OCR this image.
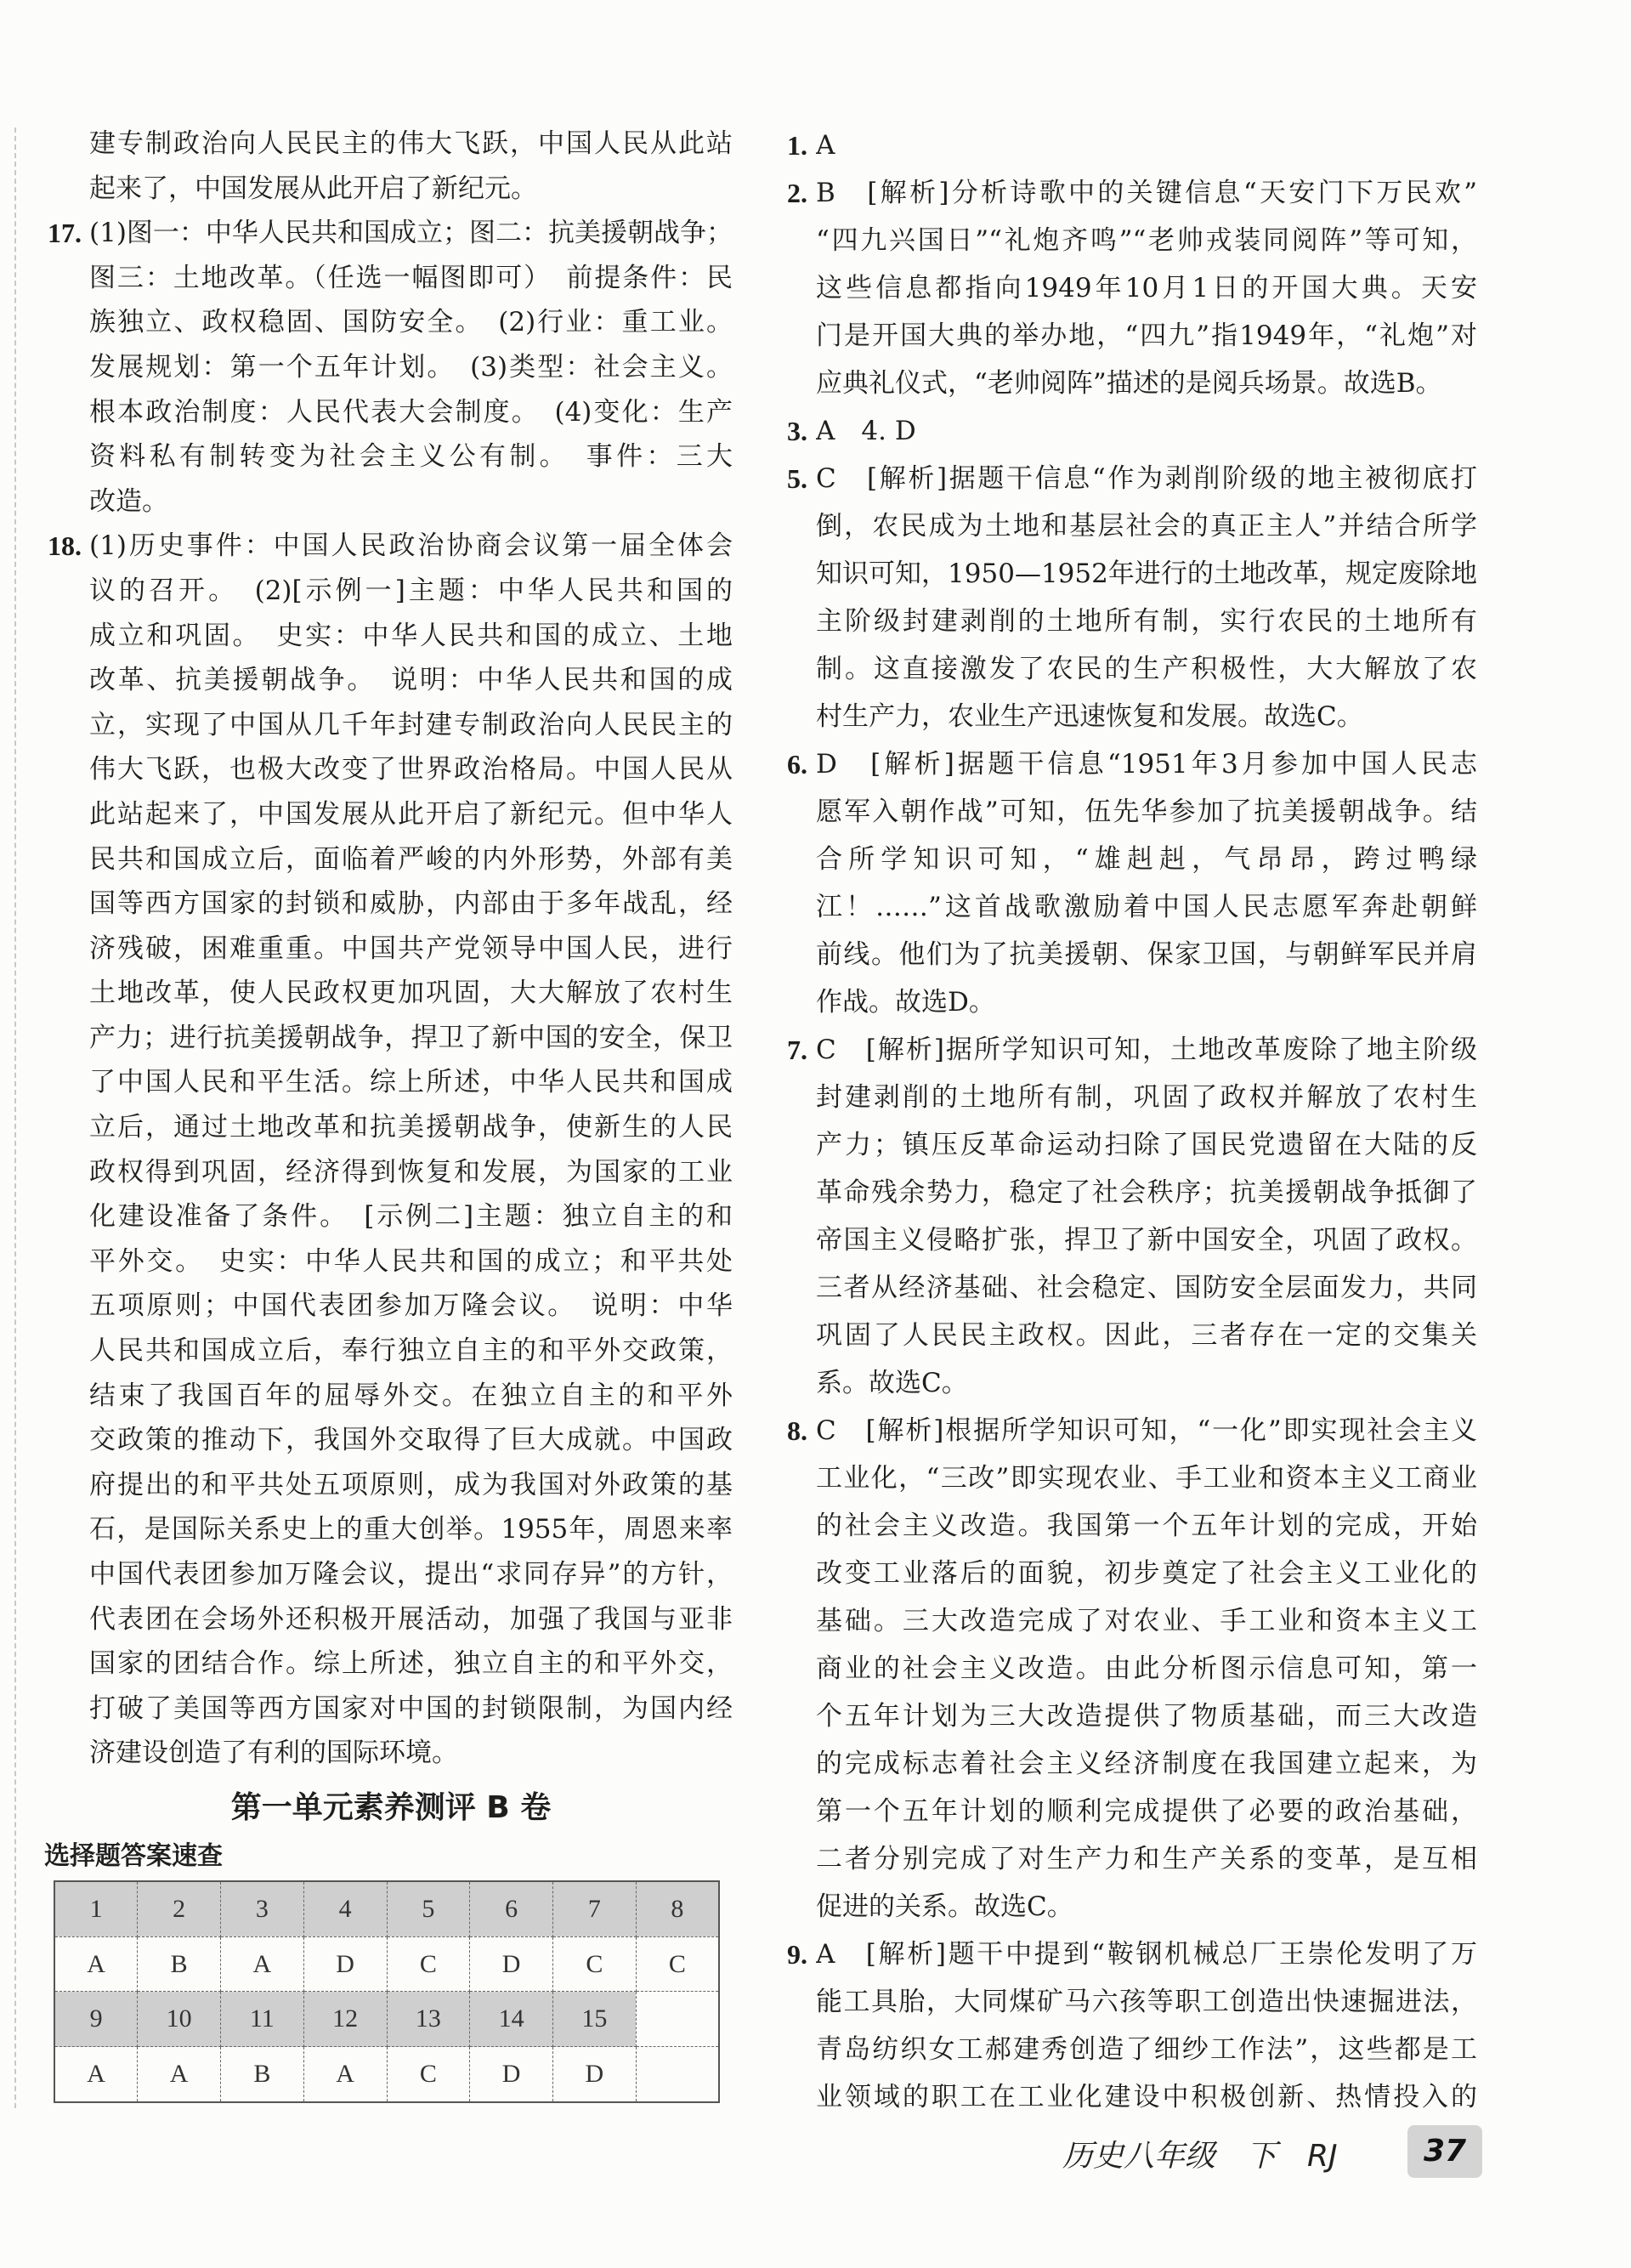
建专制政治向人民民主的伟大飞跃，中国人民从此站
起来了，中国发展从此开启了新纪元。
17. (1)图一：中华人民共和国成立；图二：抗美援朝战争；
图三：土地改革。（任选一幅图即可）　前提条件：民
族独立、政权稳固、国防安全。　(2)行业：重工业。
发展规划：第一个五年计划。　(3)类型：社会主义。
根本政治制度：人民代表大会制度。　(4)变化：生产
资料私有制转变为社会主义公有制。　事件：三大
改造。
18. (1)历史事件：中国人民政治协商会议第一届全体会
议的召开。　(2)[示例一]主题：中华人民共和国的
成立和巩固。　史实：中华人民共和国的成立、土地
改革、抗美援朝战争。　说明：中华人民共和国的成
立，实现了中国从几千年封建专制政治向人民民主的
伟大飞跃，也极大改变了世界政治格局。中国人民从
此站起来了，中国发展从此开启了新纪元。但中华人
民共和国成立后，面临着严峻的内外形势，外部有美
国等西方国家的封锁和威胁，内部由于多年战乱，经
济残破，困难重重。中国共产党领导中国人民，进行
土地改革，使人民政权更加巩固，大大解放了农村生
产力；进行抗美援朝战争，捍卫了新中国的安全，保卫
了中国人民和平生活。综上所述，中华人民共和国成
立后，通过土地改革和抗美援朝战争，使新生的人民
政权得到巩固，经济得到恢复和发展，为国家的工业
化建设准备了条件。　[示例二]主题：独立自主的和
平外交。　史实：中华人民共和国的成立；和平共处
五项原则；中国代表团参加万隆会议。　说明：中华
人民共和国成立后，奉行独立自主的和平外交政策，
结束了我国百年的屈辱外交。在独立自主的和平外
交政策的推动下，我国外交取得了巨大成就。中国政
府提出的和平共处五项原则，成为我国对外政策的基
石，是国际关系史上的重大创举。1955年，周恩来率
中国代表团参加万隆会议，提出“求同存异”的方针，
代表团在会场外还积极开展活动，加强了我国与亚非
国家的团结合作。综上所述，独立自主的和平外交，
打破了美国等西方国家对中国的封锁限制，为国内经
济建设创造了有利的国际环境。
第一单元素养测评 B 卷
选择题答案速查
1	2	3	4	5	6	7	8
A	B	A	D	C	D	C	C
9	10	11	12	13	14	15	
A	A	B	A	C	D	D	
1. A
2. B　[解析]分析诗歌中的关键信息“天安门下万民欢”
“四九兴国日”“礼炮齐鸣”“老帅戎装同阅阵”等可知，
这些信息都指向1949年10月1日的开国大典。天安
门是开国大典的举办地，“四九”指1949年，“礼炮”对
应典礼仪式，“老帅阅阵”描述的是阅兵场景。故选B。
3. A　4. D
5. C　[解析]据题干信息“作为剥削阶级的地主被彻底打
倒，农民成为土地和基层社会的真正主人”并结合所学
知识可知，1950—1952年进行的土地改革，规定废除地
主阶级封建剥削的土地所有制，实行农民的土地所有
制。这直接激发了农民的生产积极性，大大解放了农
村生产力，农业生产迅速恢复和发展。故选C。
6. D　[解析]据题干信息“1951年3月参加中国人民志
愿军入朝作战”可知，伍先华参加了抗美援朝战争。结
合所学知识可知，“雄赳赳，气昂昂，跨过鸭绿
江！……”这首战歌激励着中国人民志愿军奔赴朝鲜
前线。他们为了抗美援朝、保家卫国，与朝鲜军民并肩
作战。故选D。
7. C　[解析]据所学知识可知，土地改革废除了地主阶级
封建剥削的土地所有制，巩固了政权并解放了农村生
产力；镇压反革命运动扫除了国民党遗留在大陆的反
革命残余势力，稳定了社会秩序；抗美援朝战争抵御了
帝国主义侵略扩张，捍卫了新中国安全，巩固了政权。
三者从经济基础、社会稳定、国防安全层面发力，共同
巩固了人民民主政权。因此，三者存在一定的交集关
系。故选C。
8. C　[解析]根据所学知识可知，“一化”即实现社会主义
工业化，“三改”即实现农业、手工业和资本主义工商业
的社会主义改造。我国第一个五年计划的完成，开始
改变工业落后的面貌，初步奠定了社会主义工业化的
基础。三大改造完成了对农业、手工业和资本主义工
商业的社会主义改造。由此分析图示信息可知，第一
个五年计划为三大改造提供了物质基础，而三大改造
的完成标志着社会主义经济制度在我国建立起来，为
第一个五年计划的顺利完成提供了必要的政治基础，
二者分别完成了对生产力和生产关系的变革，是互相
促进的关系。故选C。
9. A　[解析]题干中提到“鞍钢机械总厂王崇伦发明了万
能工具胎，大同煤矿马六孩等职工创造出快速掘进法，
青岛纺织女工郝建秀创造了细纱工作法”，这些都是工
业领域的职工在工业化建设中积极创新、热情投入的
历史八年级　下　RJ	37
